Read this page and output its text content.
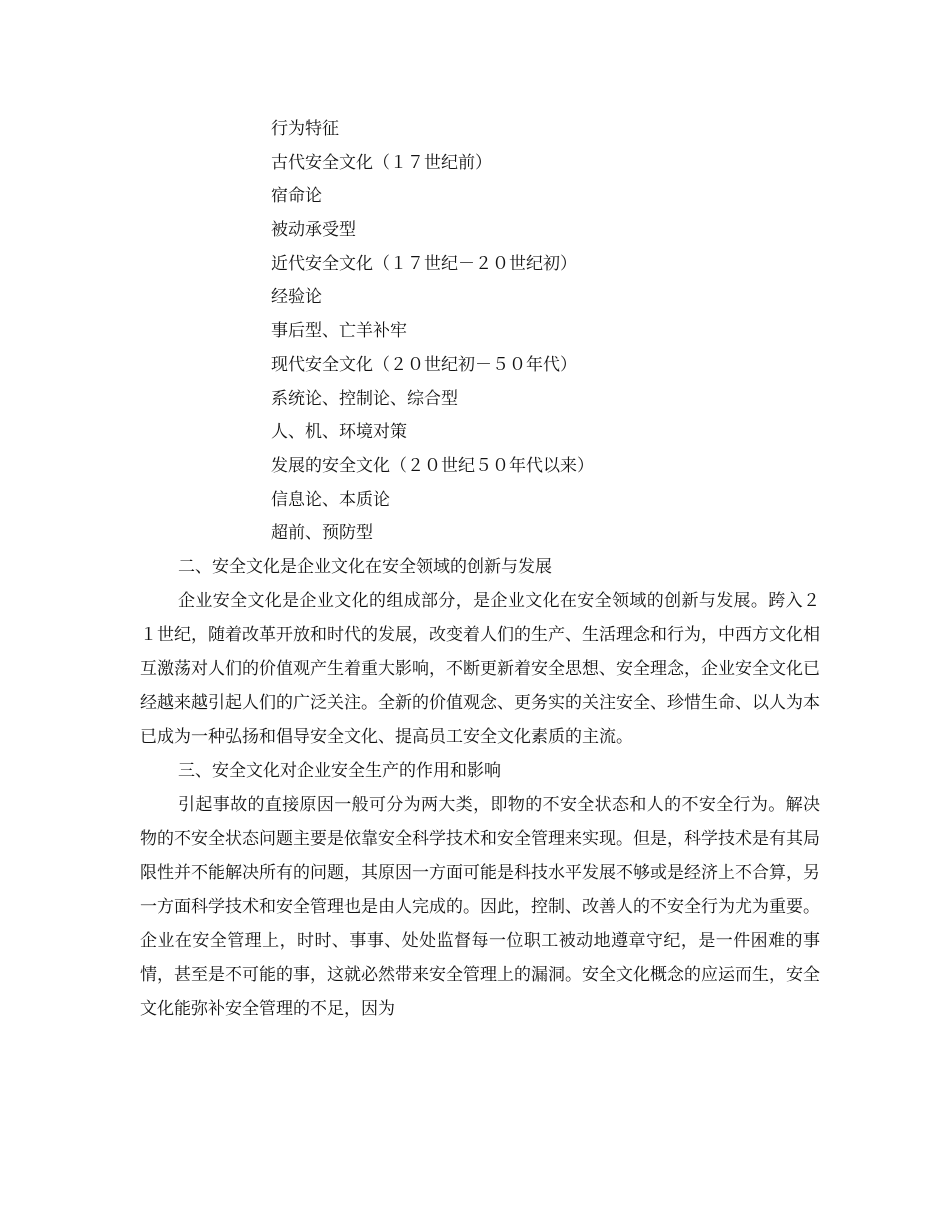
行为特征
古代安全文化（１７世纪前）
宿命论
被动承受型
近代安全文化（１７世纪－２０世纪初）
经验论
事后型、亡羊补牢
现代安全文化（２０世纪初－５０年代）
系统论、控制论、综合型
人、机、环境对策
发展的安全文化（２０世纪５０年代以来）
信息论、本质论
超前、预防型

二、安全文化是企业文化在安全领域的创新与发展

企业安全文化是企业文化的组成部分，是企业文化在安全领域的创新与发展。跨入２１世纪，随着改革开放和时代的发展，改变着人们的生产、生活理念和行为，中西方文化相互激荡对人们的价值观产生着重大影响，不断更新着安全思想、安全理念，企业安全文化已经越来越引起人们的广泛关注。全新的价值观念、更务实的关注安全、珍惜生命、以人为本已成为一种弘扬和倡导安全文化、提高员工安全文化素质的主流。

三、安全文化对企业安全生产的作用和影响

引起事故的直接原因一般可分为两大类，即物的不安全状态和人的不安全行为。解决物的不安全状态问题主要是依靠安全科学技术和安全管理来实现。但是，科学技术是有其局限性并不能解决所有的问题，其原因一方面可能是科技水平发展不够或是经济上不合算，另一方面科学技术和安全管理也是由人完成的。因此，控制、改善人的不安全行为尤为重要。企业在安全管理上，时时、事事、处处监督每一位职工被动地遵章守纪，是一件困难的事情，甚至是不可能的事，这就必然带来安全管理上的漏洞。安全文化概念的应运而生，安全文化能弥补安全管理的不足，因为
